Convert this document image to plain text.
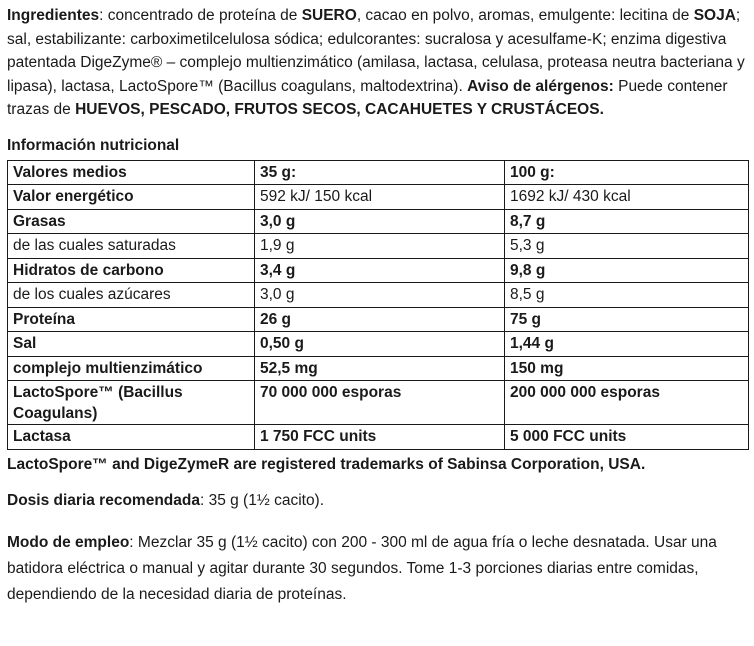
Ingredientes: concentrado de proteína de SUERO, cacao en polvo, aromas, emulgente: lecitina de SOJA; sal, estabilizante: carboximetilcelulosa sódica; edulcorantes: sucralosa y acesulfame-K; enzima digestiva patentada DigeZyme® – complejo multienzimático (amilasa, lactasa, celulasa, proteasa neutra bacteriana y lipasa), lactasa, LactoSpore™ (Bacillus coagulans, maltodextrina). Aviso de alérgenos: Puede contener trazas de HUEVOS, PESCADO, FRUTOS SECOS, CACAHUETES Y CRUSTÁCEOS.

Información nutricional
Valores medios	35 g:	100 g:
Valor energético	592 kJ/ 150 kcal	1692 kJ/ 430 kcal
Grasas	3,0 g	8,7 g
de las cuales saturadas	1,9 g	5,3 g
Hidratos de carbono	3,4 g	9,8 g
de los cuales azúcares	3,0 g	8,5 g
Proteína	26 g	75 g
Sal	0,50 g	1,44 g
complejo multienzimático	52,5 mg	150 mg
LactoSpore™ (Bacillus Coagulans)	70 000 000 esporas	200 000 000 esporas
Lactasa	1 750 FCC units	5 000 FCC units

LactoSpore™ and DigeZymeR are registered trademarks of Sabinsa Corporation, USA.

Dosis diaria recomendada: 35 g (1½ cacito).

Modo de empleo: Mezclar 35 g (1½ cacito) con 200 - 300 ml de agua fría o leche desnatada. Usar una batidora eléctrica o manual y agitar durante 30 segundos. Tome 1-3 porciones diarias entre comidas, dependiendo de la necesidad diaria de proteínas.
